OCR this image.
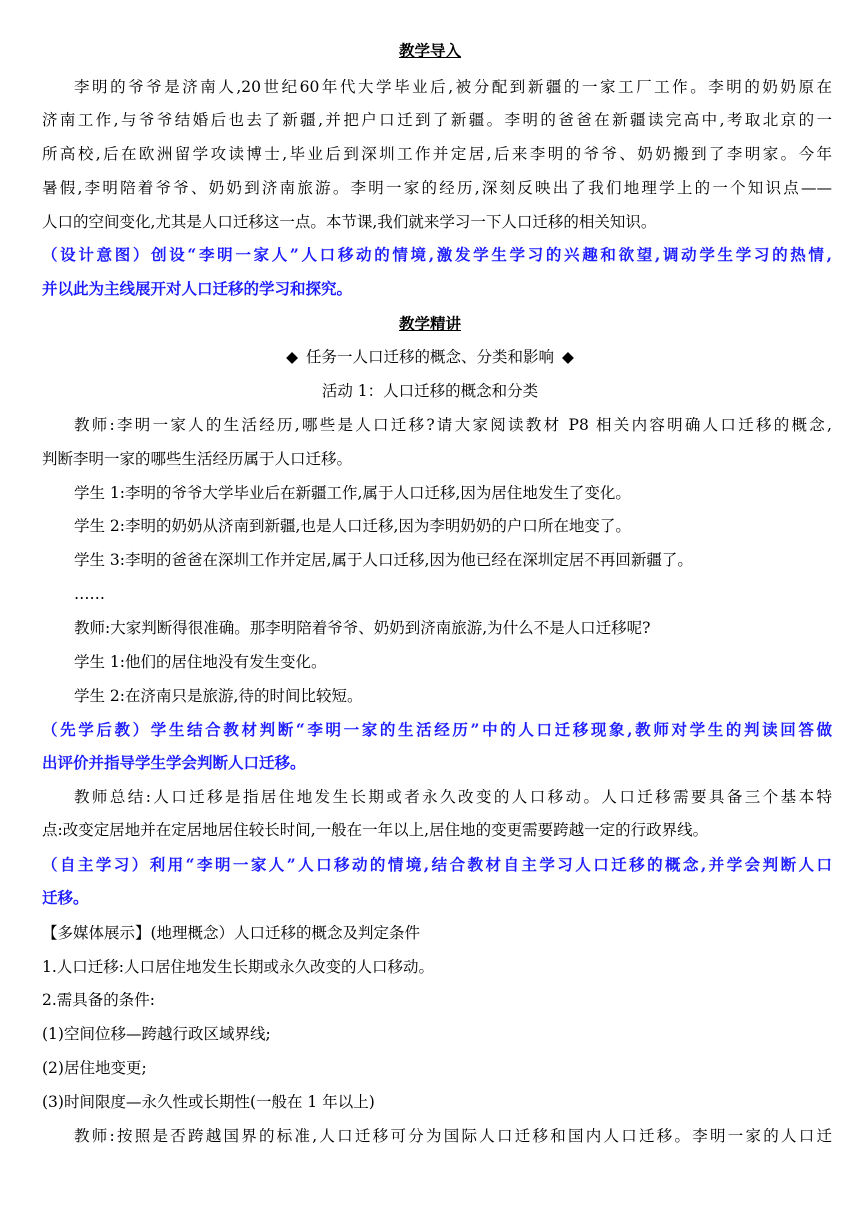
教学导入
李明的爷爷是济南人,20世纪60年代大学毕业后,被分配到新疆的一家工厂工作。李明的奶奶原在
济南工作,与爷爷结婚后也去了新疆,并把户口迁到了新疆。李明的爸爸在新疆读完高中,考取北京的一
所高校,后在欧洲留学攻读博士,毕业后到深圳工作并定居,后来李明的爷爷、奶奶搬到了李明家。今年
暑假,李明陪着爷爷、奶奶到济南旅游。李明一家的经历,深刻反映出了我们地理学上的一个知识点——
人口的空间变化,尤其是人口迁移这一点。本节课,我们就来学习一下人口迁移的相关知识。
（设计意图）创设“李明一家人”人口移动的情境,激发学生学习的兴趣和欲望,调动学生学习的热情,
并以此为主线展开对人口迁移的学习和探究。
教学精讲
◆ 任务一人口迁移的概念、分类和影响 ◆
活动 1：人口迁移的概念和分类
教师:李明一家人的生活经历,哪些是人口迁移?请大家阅读教材 P8 相关内容明确人口迁移的概念,
判断李明一家的哪些生活经历属于人口迁移。
学生 1:李明的爷爷大学毕业后在新疆工作,属于人口迁移,因为居住地发生了变化。
学生 2:李明的奶奶从济南到新疆,也是人口迁移,因为李明奶奶的户口所在地变了。
学生 3:李明的爸爸在深圳工作并定居,属于人口迁移,因为他已经在深圳定居不再回新疆了。
……
教师:大家判断得很准确。那李明陪着爷爷、奶奶到济南旅游,为什么不是人口迁移呢?
学生 1:他们的居住地没有发生变化。
学生 2:在济南只是旅游,待的时间比较短。
（先学后教）学生结合教材判断“李明一家的生活经历”中的人口迁移现象,教师对学生的判读回答做
出评价并指导学生学会判断人口迁移。
教师总结:人口迁移是指居住地发生长期或者永久改变的人口移动。人口迁移需要具备三个基本特
点:改变定居地并在定居地居住较长时间,一般在一年以上,居住地的变更需要跨越一定的行政界线。
（自主学习）利用“李明一家人”人口移动的情境,结合教材自主学习人口迁移的概念,并学会判断人口
迁移。
【多媒体展示】(地理概念）人口迁移的概念及判定条件
1.人口迁移:人口居住地发生长期或永久改变的人口移动。
2.需具备的条件:
(1)空间位移—跨越行政区域界线;
(2)居住地变更;
(3)时间限度—永久性或长期性(一般在 1 年以上)
教师:按照是否跨越国界的标准,人口迁移可分为国际人口迁移和国内人口迁移。李明一家的人口迁
